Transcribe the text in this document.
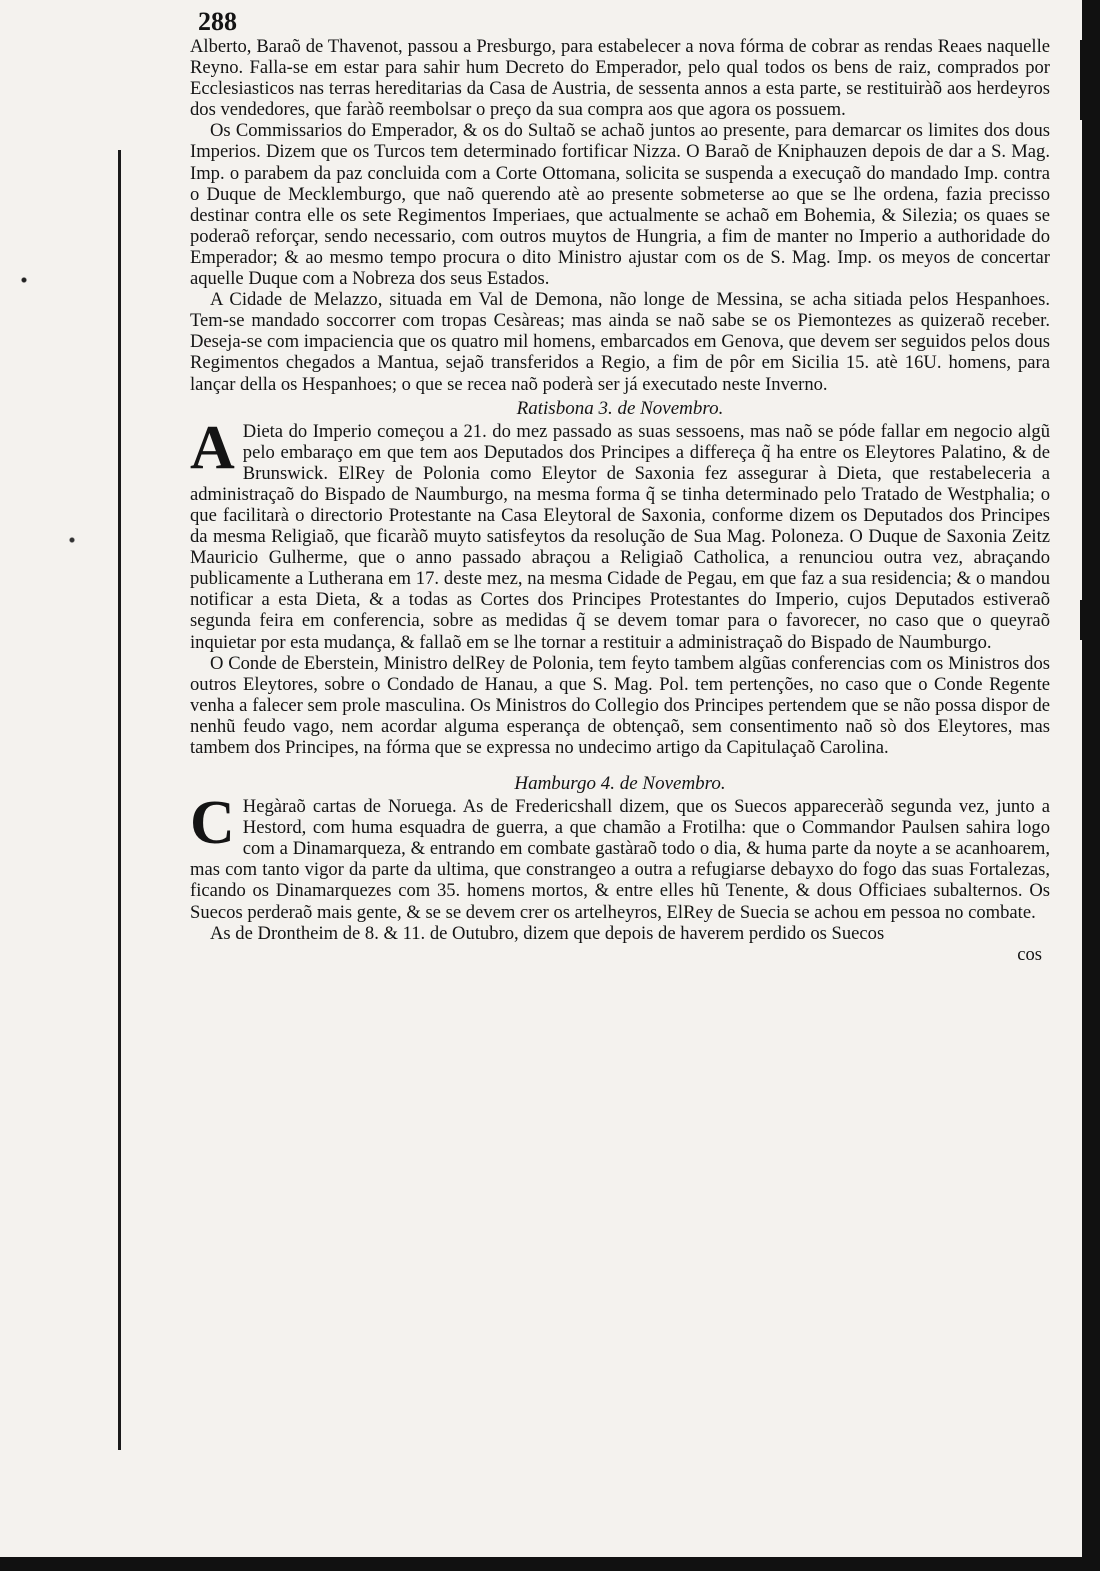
288

Alberto, Baraõ de Thavenot, passou a Presburgo, para estabelecer a nova fórma de cobrar as rendas Reaes naquelle Reyno. Falla-se em estar para sahir hum Decreto do Emperador, pelo qual todos os bens de raiz, comprados por Ecclesiasticos nas terras hereditarias da Casa de Austria, de sessenta annos a esta parte, se restituiràõ aos herdeyros dos vendedores, que faràõ reembolsar o preço da sua compra aos que agora os possuem.

Os Commissarios do Emperador, & os do Sultaõ se achaõ juntos ao presente, para demarcar os limites dos dous Imperios. Dizem que os Turcos tem determinado fortificar Nizza. O Baraõ de Kniphauzen depois de dar a S. Mag. Imp. o parabem da paz concluida com a Corte Ottomana, solicita se suspenda a execuçaõ do mandado Imp. contra o Duque de Mecklemburgo, que naõ querendo atè ao presente sobmeterse ao que se lhe ordena, fazia precisso destinar contra elle os sete Regimentos Imperiaes, que actualmente se achaõ em Bohemia, & Silezia; os quaes se poderaõ reforçar, sendo necessario, com outros muytos de Hungria, a fim de manter no Imperio a authoridade do Emperador; & ao mesmo tempo procura o dito Ministro ajustar com os de S. Mag. Imp. os meyos de concertar aquelle Duque com a Nobreza dos seus Estados.

A Cidade de Melazzo, situada em Val de Demona, não longe de Messina, se acha sitiada pelos Hespanhoes. Tem-se mandado soccorrer com tropas Cesàreas; mas ainda se naõ sabe se os Piemontezes as quizeraõ receber. Deseja-se com impaciencia que os quatro mil homens, embarcados em Genova, que devem ser seguidos pelos dous Regimentos chegados a Mantua, sejaõ transferidos a Regio, a fim de pôr em Sicilia 15. atè 16U. homens, para lançar della os Hespanhoes; o que se recea naõ poderà ser já executado neste Inverno.

Ratisbona 3. de Novembro.
A Dieta do Imperio começou a 21. do mez passado as suas sessoens, mas naõ se póde fallar em negocio algũ pelo embaraço em que tem aos Deputados dos Principes a differeça q̃ ha entre os Eleytores Palatino, & de Brunswick. ElRey de Polonia como Eleytor de Saxonia fez assegurar à Dieta, que restabeleceria a administraçaõ do Bispado de Naumburgo, na mesma forma q̃ se tinha determinado pelo Tratado de Westphalia; o que facilitarà o directorio Protestante na Casa Eleytoral de Saxonia, conforme dizem os Deputados dos Principes da mesma Religiaõ, que ficaràõ muyto satisfeytos da resolução de Sua Mag. Poloneza. O Duque de Saxonia Zeitz Mauricio Gulherme, que o anno passado abraçou a Religiaõ Catholica, a renunciou outra vez, abraçando publicamente a Lutherana em 17. deste mez, na mesma Cidade de Pegau, em que faz a sua residencia; & o mandou notificar a esta Dieta, & a todas as Cortes dos Principes Protestantes do Imperio, cujos Deputados estiveraõ segunda feira em conferencia, sobre as medidas q̃ se devem tomar para o favorecer, no caso que o queyraõ inquietar por esta mudança, & fallaõ em se lhe tornar a restituir a administraçaõ do Bispado de Naumburgo.

O Conde de Eberstein, Ministro delRey de Polonia, tem feyto tambem algũas conferencias com os Ministros dos outros Eleytores, sobre o Condado de Hanau, a que S. Mag. Pol. tem pertenções, no caso que o Conde Regente venha a falecer sem prole masculina. Os Ministros do Collegio dos Principes pertendem que se não possa dispor de nenhũ feudo vago, nem acordar alguma esperança de obtençaõ, sem consentimento naõ sò dos Eleytores, mas tambem dos Principes, na fórma que se expressa no undecimo artigo da Capitulaçaõ Carolina.

Hamburgo 4. de Novembro.
C Hegàraõ cartas de Noruega. As de Fredericshall dizem, que os Suecos appareceràõ segunda vez, junto a Hestord, com huma esquadra de guerra, a que chamão a Frotilha: que o Commandor Paulsen sahira logo com a Dinamarqueza, & entrando em combate gastàraõ todo o dia, & huma parte da noyte a se acanhoarem, mas com tanto vigor da parte da ultima, que constrangeo a outra a refugiarse debayxo do fogo das suas Fortalezas, ficando os Dinamarquezes com 35. homens mortos, & entre elles hũ Tenente, & dous Officiaes subalternos. Os Suecos perderaõ mais gente, & se se devem crer os artelheyros, ElRey de Suecia se achou em pessoa no combate.

As de Drontheim de 8. & 11. de Outubro, dizem que depois de haverem perdido os Suecos

cos
